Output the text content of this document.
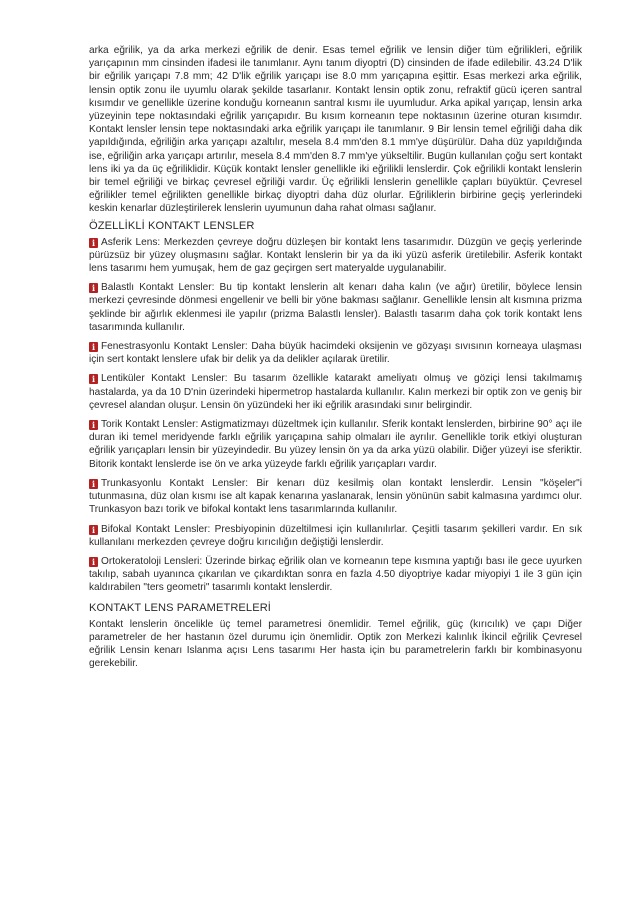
arka eğrilik, ya da arka merkezi eğrilik de denir. Esas temel eğrilik ve lensin diğer tüm eğrilikleri, eğrilik yarıçapının mm cinsinden ifadesi ile tanımlanır. Aynı tanım diyoptri (D) cinsinden de ifade edilebilir. 43.24 D'lik bir eğrilik yarıçapı 7.8 mm; 42 D'lik eğrilik yarıçapı ise 8.0 mm yarıçapına eşittir. Esas merkezi arka eğrilik, lensin optik zonu ile uyumlu olarak şekilde tasarlanır. Kontakt lensin optik zonu, refraktif gücü içeren santral kısımdır ve genellikle üzerine konduğu korneanın santral kısmı ile uyumludur. Arka apikal yarıçap, lensin arka yüzeyinin tepe noktasındaki eğrilik yarıçapıdır. Bu kısım korneanın tepe noktasının üzerine oturan kısımdır. Kontakt lensler lensin tepe noktasındaki arka eğrilik yarıçapı ile tanımlanır. 9 Bir lensin temel eğriliği daha dik yapıldığında, eğriliğin arka yarıçapı azaltılır, mesela 8.4 mm'den 8.1 mm'ye düşürülür. Daha düz yapıldığında ise, eğriliğin arka yarıçapı artırılır, mesela 8.4 mm'den 8.7 mm'ye yükseltilir. Bugün kullanılan çoğu sert kontakt lens iki ya da üç eğriliklidir. Küçük kontakt lensler genellikle iki eğrilikli lenslerdir. Çok eğrilikli kontakt lenslerin bir temel eğriliği ve birkaç çevresel eğriliği vardır. Üç eğrilikli lenslerin genellikle çapları büyüktür. Çevresel eğrilikler temel eğrilikten genellikle birkaç diyoptri daha düz olurlar. Eğriliklerin birbirine geçiş yerlerindeki keskin kenarlar düzleştirilerek lenslerin uyumunun daha rahat olması sağlanır.

ÖZELLİKLİ KONTAKT LENSLER

i Asferik Lens: Merkezden çevreye doğru düzleşen bir kontakt lens tasarımıdır. Düzgün ve geçiş yerlerinde pürüzsüz bir yüzey oluşmasını sağlar. Kontakt lenslerin bir ya da iki yüzü asferik üretilebilir. Asferik kontakt lens tasarımı hem yumuşak, hem de gaz geçirgen sert materyalde uygulanabilir.

i Balastlı Kontakt Lensler: Bu tip kontakt lenslerin alt kenarı daha kalın (ve ağır) üretilir, böylece lensin merkezi çevresinde dönmesi engellenir ve belli bir yöne bakması sağlanır. Genellikle lensin alt kısmına prizma şeklinde bir ağırlık eklenmesi ile yapılır (prizma Balastlı lensler). Balastlı tasarım daha çok torik kontakt lens tasarımında kullanılır.

i Fenestrasyonlu Kontakt Lensler: Daha büyük hacimdeki oksijenin ve gözyaşı sıvısının korneaya ulaşması için sert kontakt lenslere ufak bir delik ya da delikler açılarak üretilir.

i Lentiküler Kontakt Lensler: Bu tasarım özellikle katarakt ameliyatı olmuş ve göziçi lensi takılmamış hastalarda, ya da 10 D'nin üzerindeki hipermetrop hastalarda kullanılır. Kalın merkezi bir optik zon ve geniş bir çevresel alandan oluşur. Lensin ön yüzündeki her iki eğrilik arasındaki sınır belirgindir.

i Torik Kontakt Lensler: Astigmatizmayı düzeltmek için kullanılır. Sferik kontakt lenslerden, birbirine 90° açı ile duran iki temel meridyende farklı eğrilik yarıçapına sahip olmaları ile ayrılır. Genellikle torik etkiyi oluşturan eğrilik yarıçapları lensin bir yüzeyindedir. Bu yüzey lensin ön ya da arka yüzü olabilir. Diğer yüzeyi ise sferiktir. Bitorik kontakt lenslerde ise ön ve arka yüzeyde farklı eğrilik yarıçapları vardır.

i Trunkasyonlu Kontakt Lensler: Bir kenarı düz kesilmiş olan kontakt lenslerdir. Lensin "köşeler"i tutunmasına, düz olan kısmı ise alt kapak kenarına yaslanarak, lensin yönünün sabit kalmasına yardımcı olur. Trunkasyon bazı torik ve bifokal kontakt lens tasarımlarında kullanılır.

i Bifokal Kontakt Lensler: Presbiyopinin düzeltilmesi için kullanılırlar. Çeşitli tasarım şekilleri vardır. En sık kullanılanı merkezden çevreye doğru kırıcılığın değiştiği lenslerdir.

i Ortokeratoloji Lensleri: Üzerinde birkaç eğrilik olan ve korneanın tepe kısmına yaptığı bası ile gece uyurken takılıp, sabah uyanınca çıkarılan ve çıkardıktan sonra en fazla 4.50 diyoptriye kadar miyopiyi 1 ile 3 gün için kaldırabilen "ters geometri" tasarımlı kontakt lenslerdir.

KONTAKT LENS PARAMETRELERİ

Kontakt lenslerin öncelikle üç temel parametresi önemlidir. Temel eğrilik, güç (kırıcılık) ve çapı Diğer parametreler de her hastanın özel durumu için önemlidir. Optik zon Merkezi kalınlık İkincil eğrilik Çevresel eğrilik Lensin kenarı Islanma açısı Lens tasarımı Her hasta için bu parametrelerin farklı bir kombinasyonu gerekebilir.
